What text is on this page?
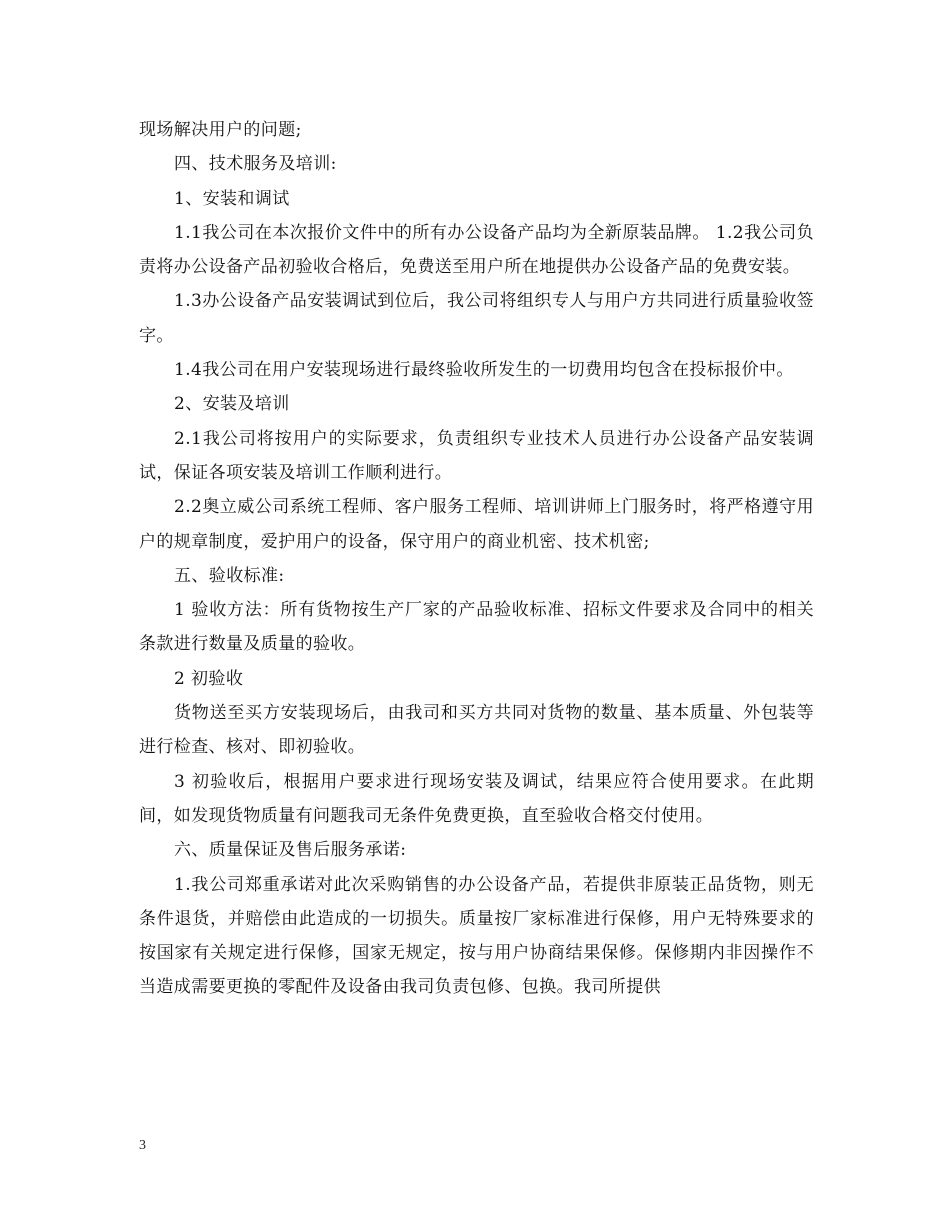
现场解决用户的问题;

四、技术服务及培训:

1、安装和调试

1.1我公司在本次报价文件中的所有办公设备产品均为全新原装品牌。 1.2我公司负责将办公设备产品初验收合格后，免费送至用户所在地提供办公设备产品的免费安装。

1.3办公设备产品安装调试到位后，我公司将组织专人与用户方共同进行质量验收签字。

1.4我公司在用户安装现场进行最终验收所发生的一切费用均包含在投标报价中。

2、安装及培训

2.1我公司将按用户的实际要求，负责组织专业技术人员进行办公设备产品安装调试，保证各项安装及培训工作顺利进行。

2.2奥立威公司系统工程师、客户服务工程师、培训讲师上门服务时，将严格遵守用户的规章制度，爱护用户的设备，保守用户的商业机密、技术机密;

五、验收标准:

1 验收方法：所有货物按生产厂家的产品验收标准、招标文件要求及合同中的相关条款进行数量及质量的验收。

2 初验收

货物送至买方安装现场后，由我司和买方共同对货物的数量、基本质量、外包装等进行检查、核对、即初验收。

3 初验收后，根据用户要求进行现场安装及调试，结果应符合使用要求。在此期间，如发现货物质量有问题我司无条件免费更换，直至验收合格交付使用。

六、质量保证及售后服务承诺:

1.我公司郑重承诺对此次采购销售的办公设备产品，若提供非原装正品货物，则无条件退货，并赔偿由此造成的一切损失。质量按厂家标准进行保修，用户无特殊要求的按国家有关规定进行保修，国家无规定，按与用户协商结果保修。保修期内非因操作不当造成需要更换的零配件及设备由我司负责包修、包换。我司所提供

3
